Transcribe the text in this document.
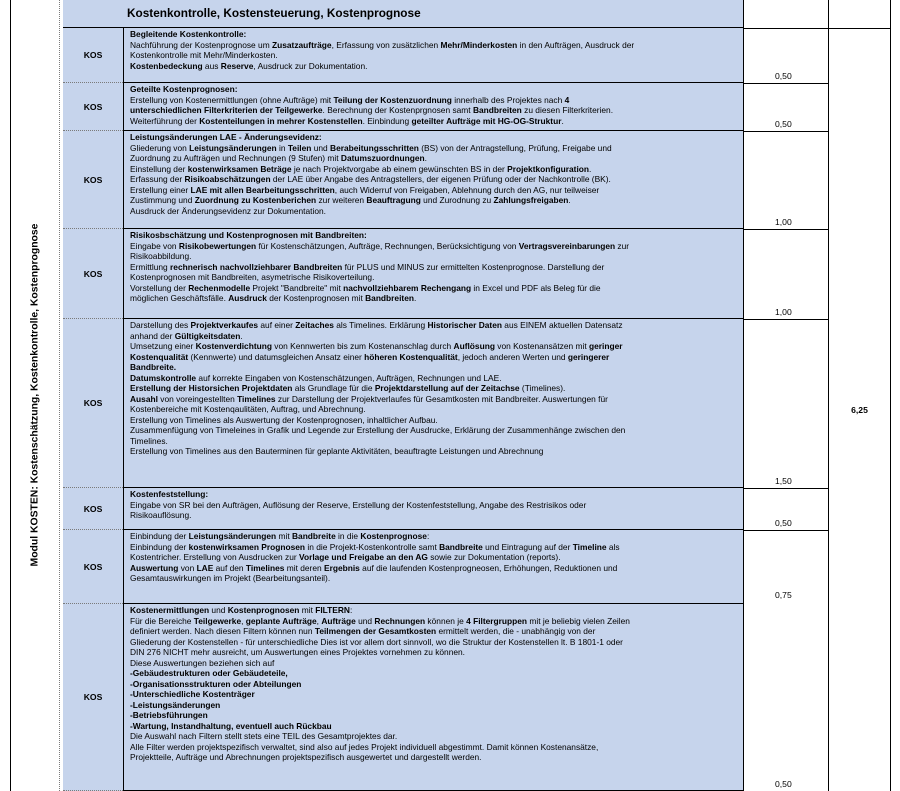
Modul KOSTEN: Kostenschätzung, Kostenkontrolle, Kostenprognose
Kostenkontrolle, Kostensteuerung, Kostenprognose
KOS

Begleitende Kostenkontrolle:

Nachführung der Kostenprognose um Zusatzaufträge, Erfassung von zusätzlichen Mehr/Minderkosten in den Aufträgen, Ausdruck der

Kostenkontrolle mit Mehr/Minderkosten.

Kostenbedeckung aus Reserve, Ausdruck zur Dokumentation.

0,50
KOS

Geteilte Kostenprognosen:

Erstellung von Kostenermittlungen (ohne Aufträge) mit Teilung der Kostenzuordnung innerhalb des Projektes nach 4

unterschiedlichen Filterkriterien der Teilgewerke. Berechnung der Kostenprgnosen samt Bandbreiten zu diesen Filterkriterien.

Weiterführung der Kostenteilungen in mehrer Kostenstellen. Einbindung geteilter Aufträge mit HG-OG-Struktur.	0,50
KOS

Leistungsänderungen LAE - Änderungsevidenz:

Gliederung von Leistungsänderungen in Teilen und Berabeitungsschritten (BS) von der Antragstellung, Prüfung, Freigabe und

Zuordnung zu Aufträgen und Rechnungen (9 Stufen) mit Datumszuordnungen.

Einstellung der kostenwirksamen Beträge je nach Projektvorgabe ab einem gewünschten BS in der Projektkonfiguration.

Erfassung der Risikoabschätzungen der LAE über Angabe des Antragstellers, der eigenen Prüfung oder der Nachkontrolle (BK).

Erstellung einer LAE mit allen Bearbeitungsschritten, auch Widerruf von Freigaben, Ablehnung durch den AG, nur teilweiser

Zustimmung und Zuordnung zu Kostenberichen zur weiteren Beauftragung und Zurodnung zu Zahlungsfreigaben.

Ausdruck der Änderungsevidenz zur Dokumentation.

1,00
KOS

Risikosbschätzung und Kostenprognosen mit Bandbreiten:

Eingabe von Risikobewertungen für Kostenschätzungen, Aufträge, Rechnungen, Berücksichtigung von Vertragsvereinbarungen zur

Risikoabbildung.

Ermittlung rechnerisch nachvollziehbarer Bandbreiten für PLUS und MINUS zur ermittelten Kostenprognose. Darstellung der

Kostenprognosen mit Bandbreiten, asymetrische Risikoverteilung.

Vorstellung der Rechenmodelle Projekt "Bandbreite" mit nachvollziehbarem Rechengang in Excel und PDF als Beleg für die

möglichen Geschäftsfälle. Ausdruck der Kostenprognosen mit Bandbreiten.

1,00
KOS

Darstellung des Projektverkaufes auf einer Zeitaches als Timelines. Erklärung Historischer Daten aus EINEM aktuellen Datensatz

anhand der Gültigkeitsdaten.

Umsetzung einer Kostenverdichtung von Kennwerten bis zum Kostenanschlag durch Auflösung von Kostenansätzen mit geringer

Kostenqualität (Kennwerte) und datumsgleichen Ansatz einer höheren Kostenqualität, jedoch anderen Werten und geringerer

Bandbreite.

Datumskontrolle auf korrekte Eingaben von Kostenschätzungen, Aufträgen, Rechnungen und LAE.

Erstellung der Historsichen Projektdaten als Grundlage für die Projektdarstellung auf der Zeitachse (Timelines).

Ausahl von voreingestellten Timelines zur Darstellung der Projektverlaufes für Gesamtkosten mit Bandbreiter. Auswertungen für

Kostenbereiche mit Kostenqaulitäten, Auftrag, und Abrechnung.

Erstellung von Timelines als Auswertung der Kostenprognosen, inhaltlicher Aufbau.

Zusammenfügung von Timeleines in Grafik und Legende zur Erstellung der Ausdrucke, Erklärung der Zusammenhänge zwischen den

Timelines.

Erstellung von Timelines aus den Bauterminen für geplante Aktivitäten, beauftragte Leistungen und Abrechnung

1,50
KOS

Kostenfeststellung:

Eingabe von SR bei den Aufträgen, Auflösung der Reserve, Erstellung der Kostenfeststellung, Angabe des Restrisikos oder

Risikoauflösung.

0,50
KOS

Einbindung der Leistungsänderungen mit Bandbreite in die Kostenprognose:

Einbindung der kostenwirksamen Prognosen in die Projekt-Kostenkontrolle samt Bandbreite und Eintragung auf der Timeline als

Kostentricher. Erstellung von Ausdrucken zur Vorlage und Freigabe an den AG sowie zur Dokumentation (reports).

Auswertung von LAE auf den Timelines mit deren Ergebnis auf die laufenden Kostenprogneosen, Erhöhungen, Reduktionen und

Gesamtauswirkungen im Projekt (Bearbeitungsanteil).

KOS

Kostenermittlungen und Kostenprognosen mit FILTERN:

Für die Bereiche Teilgewerke, geplante Aufträge, Aufträge und Rechnungen können je 4 Filtergruppen mit je beliebig vielen Zeilen

definiert werden. Nach diesen Filtern können nun Teilmengen der Gesamtkosten ermittelt werden, die - unabhängig von der

Gliederung der Kostenstellen - für unterschiedliche Dies ist vor allem dort sinnvoll, wo die Struktur der Kostenstellen lt. B 1801-1 oder

DIN 276 NICHT mehr ausreicht, um Auswertungen eines Projektes vornehmen zu können.

Diese Auswertungen beziehen sich auf

-Gebäudestrukturen oder Gebäudeteile,

-Organisationsstrukturen oder Abteilungen

-Unterschiedliche Kostenträger

-Leistungsänderungen

-Betriebsführungen

-Wartung, Instandhaltung, eventuell auch Rückbau

Die Auswahl nach Filtern stellt stets eine TEIL des Gesamtprojektes dar.

Alle Filter werden projektspezifisch verwaltet, sind also auf jedes Projekt individuell abgestimmt. Damit können Kostenansätze,

Projektteile, Aufträge und Abrechnungen projektspezifisch ausgewertet und dargestellt werden.

0,50
0,75
6,25
